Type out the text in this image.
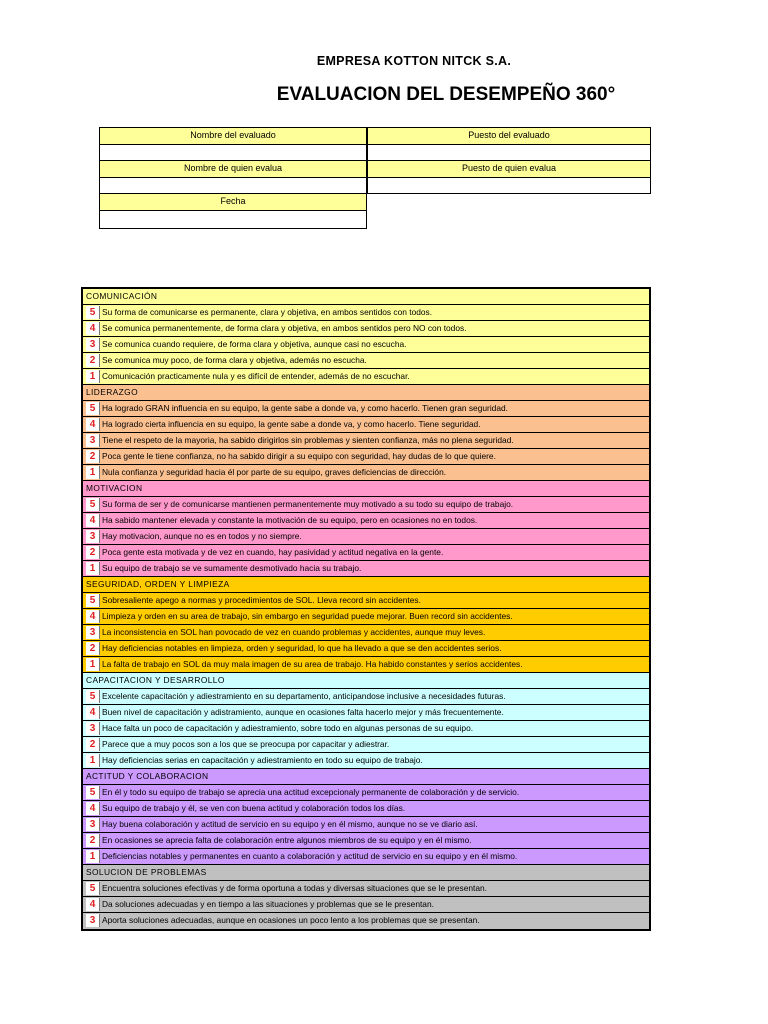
EMPRESA KOTTON NITCK S.A.
EVALUACION DEL DESEMPEÑO 360°
Nombre del evaluado	Puesto del evaluado
Nombre de quien evalua	Puesto de quien evalua
Fecha
COMUNICACIÓN
5 Su forma de comunicarse es permanente, clara y objetiva, en ambos sentidos con todos.
4 Se comunica permanentemente, de forma clara y objetiva, en ambos sentidos pero NO con todos.
3 Se comunica cuando requiere, de forma clara y objetiva, aunque casi no escucha.
2 Se comunica muy poco, de forma clara y objetiva, además no escucha.
1 Comunicación practicamente nula y es difícil de entender, además de no escuchar.
LIDERAZGO
5 Ha logrado GRAN influencia en su equipo, la gente sabe a donde va, y como hacerlo. Tienen gran seguridad.
4 Ha logrado cierta influencia en su equipo, la gente sabe a donde va, y como hacerlo. Tiene seguridad.
3 Tiene el respeto de la mayoria, ha sabido dirigirlos sin problemas y sienten confianza, más no plena seguridad.
2 Poca gente le tiene confianza, no ha sabido dirigir a su equipo con seguridad, hay dudas de lo que quiere.
1 Nula confianza y seguridad hacia él por parte de su equipo, graves deficiencias de dirección.
MOTIVACION
5 Su forma de ser y de comunicarse mantienen permanentemente muy motivado a su todo su equipo de trabajo.
4 Ha sabido mantener elevada y constante la motivación de su equipo, pero en ocasiones no en todos.
3 Hay motivacion, aunque no es en todos y no siempre.
2 Poca gente esta motivada y de vez en cuando, hay pasividad y actitud negativa en la gente.
1 Su equipo de trabajo se ve sumamente desmotivado hacia su trabajo.
SEGURIDAD, ORDEN Y LIMPIEZA
5 Sobresaliente apego a normas y procedimientos de SOL. Lleva record sin accidentes.
4 Limpieza y orden en su area de trabajo, sin embargo en seguridad puede mejorar. Buen record sin accidentes.
3 La inconsistencia en SOL han povocado de vez en cuando problemas y accidentes, aunque muy leves.
2 Hay deficiencias notables en limpieza, orden y seguridad, lo que ha llevado a que se den accidentes serios.
1 La falta de trabajo en SOL da muy mala imagen de su area de trabajo. Ha habido constantes y serios accidentes.
CAPACITACION Y DESARROLLO
5 Excelente capacitación y adiestramiento en su departamento, anticipandose inclusive a necesidades futuras.
4 Buen nivel de capacitación y adistramiento, aunque en ocasiones falta hacerlo mejor y más frecuentemente.
3 Hace falta un poco de capacitación y adiestramiento, sobre todo en algunas personas de su equipo.
2 Parece que a muy pocos son a los que se preocupa por capacitar y adiestrar.
1 Hay deficiencias serias en capacitación y adiestramiento en todo su equipo de trabajo.
ACTITUD Y COLABORACION
5 En él y todo su equipo de trabajo se aprecia una actitud excepcionaly permanente de colaboración y de servicio.
4 Su equipo de trabajo y él, se ven con buena actitud y colaboración todos los días.
3 Hay buena colaboración y actitud de servicio en su equipo y en él mismo, aunque no se ve diario así.
2 En ocasiones se aprecia falta de colaboración entre algunos miembros de su equipo y en él mismo.
1 Deficiencias notables y permanentes en cuanto a colaboración y actitud de servicio en su equipo y en él mismo.
SOLUCION DE PROBLEMAS
5 Encuentra soluciones efectivas y de forma oportuna a todas y diversas situaciones que se le presentan.
4 Da soluciones adecuadas y en tiempo a las situaciones y problemas que se le presentan.
3 Aporta soluciones adecuadas, aunque en ocasiones un poco lento a los problemas que se presentan.
